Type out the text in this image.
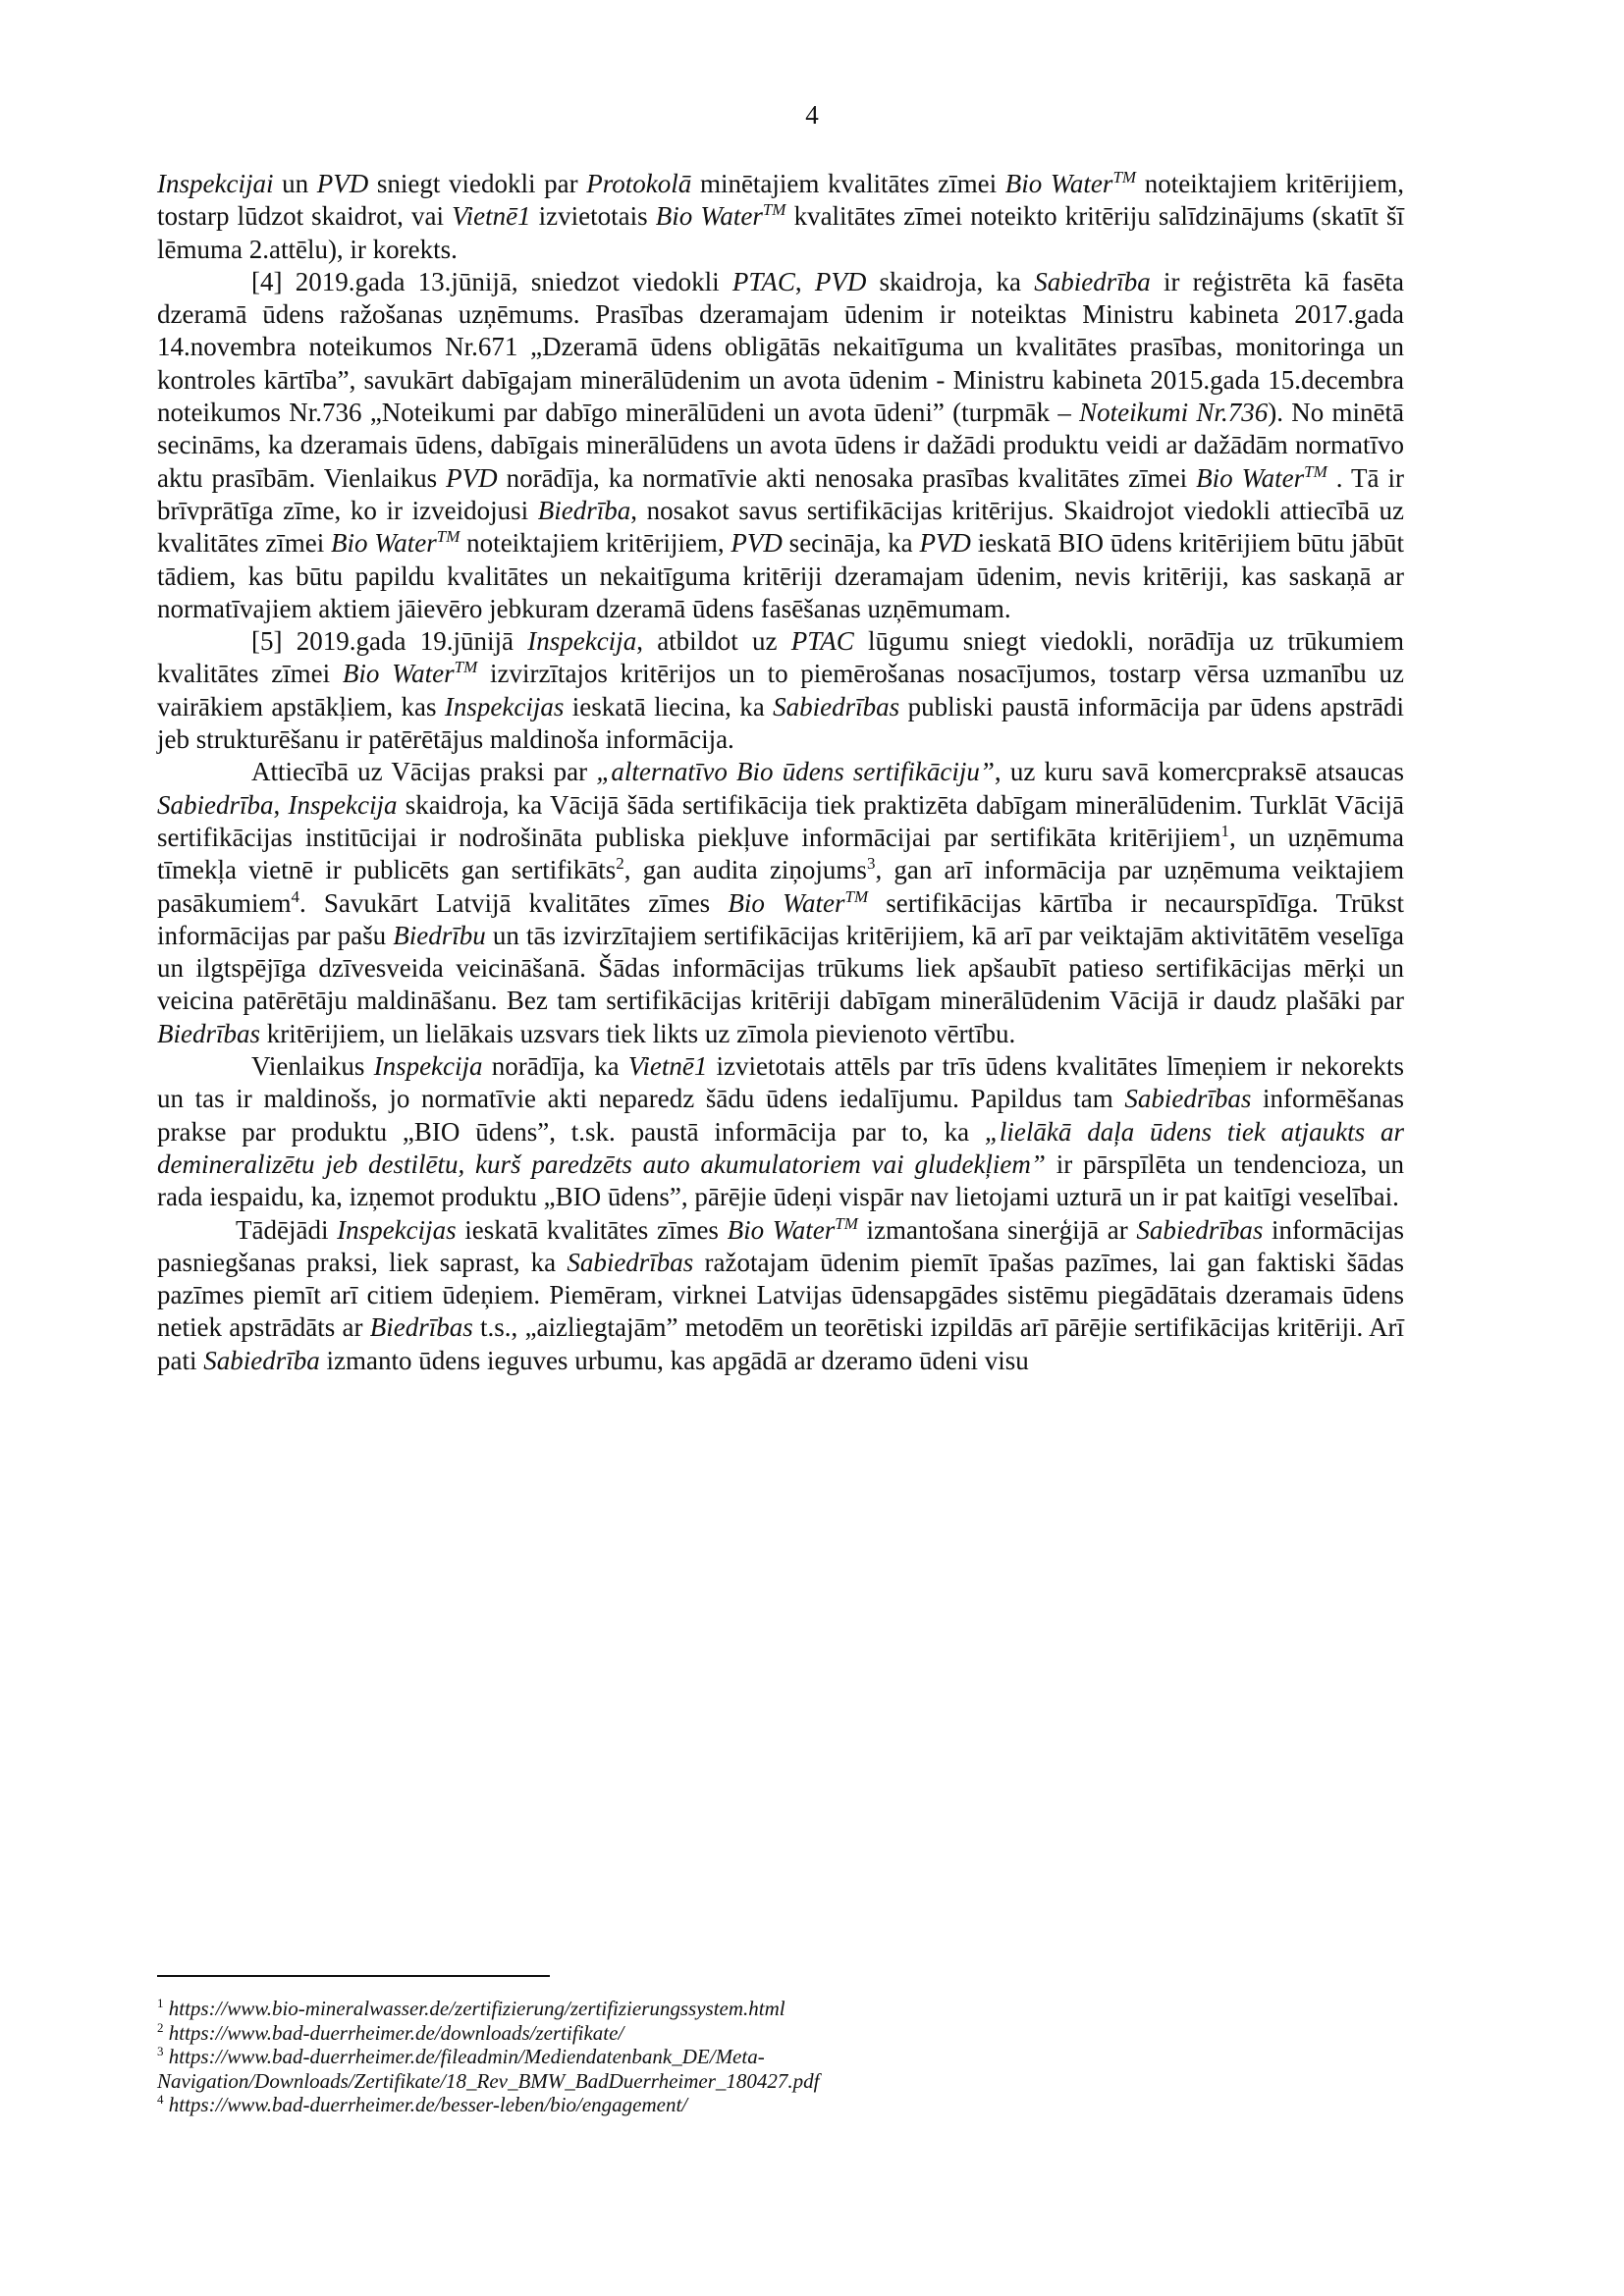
4

Inspekcijai un PVD sniegt viedokli par Protokolā minētajiem kvalitātes zīmei Bio Water™ noteiktajiem kritērijiem, tostarp lūdzot skaidrot, vai Vietnē1 izvietotais Bio Water™ kvalitātes zīmei noteikto kritēriju salīdzinājums (skatīt šī lēmuma 2.attēlu), ir korekts.

[4] 2019.gada 13.jūnijā, sniedzot viedokli PTAC, PVD skaidroja, ka Sabiedrība ir reģistrēta kā fasēta dzeramā ūdens ražošanas uzņēmums. Prasības dzeramajam ūdenim ir noteiktas Ministru kabineta 2017.gada 14.novembra noteikumos Nr.671 „Dzeramā ūdens obligātās nekaitīguma un kvalitātes prasības, monitoringa un kontroles kārtība”, savukārt dabīgajam minerālūdenim un avota ūdenim - Ministru kabineta 2015.gada 15.decembra noteikumos Nr.736 „Noteikumi par dabīgo minerālūdeni un avota ūdeni” (turpmāk – Noteikumi Nr.736). No minētā secināms, ka dzeramais ūdens, dabīgais minerālūdens un avota ūdens ir dažādi produktu veidi ar dažādām normatīvo aktu prasībām. Vienlaikus PVD norādīja, ka normatīvie akti nenosaka prasības kvalitātes zīmei Bio Water™ . Tā ir brīvprātīga zīme, ko ir izveidojusi Biedrība, nosakot savus sertifikācijas kritērijus. Skaidrojot viedokli attiecībā uz kvalitātes zīmei Bio Water™ noteiktajiem kritērijiem, PVD secināja, ka PVD ieskatā BIO ūdens kritērijiem būtu jābūt tādiem, kas būtu papildu kvalitātes un nekaitīguma kritēriji dzeramajam ūdenim, nevis kritēriji, kas saskaņā ar normatīvajiem aktiem jāievēro jebkuram dzeramā ūdens fasēšanas uzņēmumam.

[5] 2019.gada 19.jūnijā Inspekcija, atbildot uz PTAC lūgumu sniegt viedokli, norādīja uz trūkumiem kvalitātes zīmei Bio Water™ izvirzītajos kritērijos un to piemērošanas nosacījumos, tostarp vērsa uzmanību uz vairākiem apstākļiem, kas Inspekcijas ieskatā liecina, ka Sabiedrības publiski paustā informācija par ūdens apstrādi jeb strukturēšanu ir patērētājus maldinoša informācija.

Attiecībā uz Vācijas praksi par „alternatīvo Bio ūdens sertifikāciju”, uz kuru savā komercpraksē atsaucas Sabiedrība, Inspekcija skaidroja, ka Vācijā šāda sertifikācija tiek praktizēta dabīgam minerālūdenim. Turklāt Vācijā sertifikācijas institūcijai ir nodrošināta publiska piekļuve informācijai par sertifikāta kritērijiem$^1$, un uzņēmuma tīmekļa vietnē ir publicēts gan sertifikāts$^2$, gan audita ziņojums$^3$, gan arī informācija par uzņēmuma veiktajiem pasākumiem$^4$. Savukārt Latvijā kvalitātes zīmes Bio Water™ sertifikācijas kārtība ir necaurspīdīga. Trūkst informācijas par pašu Biedrību un tās izvirzītajiem sertifikācijas kritērijiem, kā arī par veiktajām aktivitātēm veselīga un ilgtspējīga dzīvesveida veicināšanā. Šādas informācijas trūkums liek apšaubīt patieso sertifikācijas mērķi un veicina patērētāju maldināšanu. Bez tam sertifikācijas kritēriji dabīgam minerālūdenim Vācijā ir daudz plašāki par Biedrības kritērijiem, un lielākais uzsvars tiek likts uz zīmola pievienoto vērtību.

Vienlaikus Inspekcija norādīja, ka Vietnē1 izvietotais attēls par trīs ūdens kvalitātes līmeņiem ir nekorekts un tas ir maldinošs, jo normatīvie akti neparedz šādu ūdens iedalījumu. Papildus tam Sabiedrības informēšanas prakse par produktu „BIO ūdens”, t.sk. paustā informācija par to, ka „lielākā daļa ūdens tiek atjaukts ar demineralizētu jeb destilētu, kurš paredzēts auto akumulatoriem vai gludekļiem” ir pārspīlēta un tendencioza, un rada iespaidu, ka, izņemot produktu „BIO ūdens”, pārējie ūdeņi vispār nav lietojami uzturā un ir pat kaitīgi veselībai.

Tādējādi Inspekcijas ieskatā kvalitātes zīmes Bio Water™ izmantošana sinerģijā ar Sabiedrības informācijas pasniegšanas praksi, liek saprast, ka Sabiedrības ražotajam ūdenim piemīt īpašas pazīmes, lai gan faktiski šādas pazīmes piemīt arī citiem ūdeņiem. Piemēram, virknei Latvijas ūdensapgādes sistēmu piegādātais dzeramais ūdens netiek apstrādāts ar Biedrības t.s., „aizliegtajām” metodēm un teorētiski izpildās arī pārējie sertifikācijas kritēriji. Arī pati Sabiedrība izmanto ūdens ieguves urbumu, kas apgādā ar dzeramo ūdeni visu

$^1$ https://www.bio-mineralwasser.de/zertifizierung/zertifizierungssystem.html

$^2$ https://www.bad-duerrheimer.de/downloads/zertifikate/

$^3$ https://www.bad-duerrheimer.de/fileadmin/Mediendatenbank_DE/Meta-
Navigation/Downloads/Zertifikate/18_Rev_BMW_BadDuerrheimer_180427.pdf

$^4$ https://www.bad-duerrheimer.de/besser-leben/bio/engagement/
